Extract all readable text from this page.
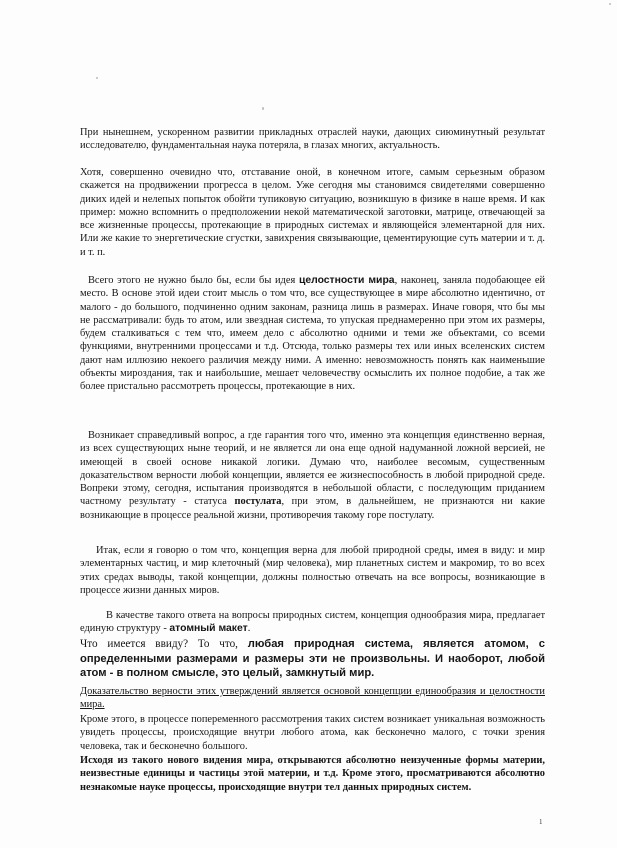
При нынешнем, ускоренном развитии прикладных отраслей науки, дающих сиюминутный результат исследователю, фундаментальная наука потеряла, в глазах многих, актуальность.

Хотя, совершенно очевидно что, отставание оной, в конечном итоге, самым серьезным образом скажется на продвижении прогресса в целом. Уже сегодня мы становимся свидетелями совершенно диких идей и нелепых попыток обойти тупиковую ситуацию, возникшую в физике в наше время. И как пример: можно вспомнить о предположении некой математической заготовки, матрице, отвечающей за все жизненные процессы, протекающие в природных системах и являющейся элементарной для них. Или же какие то энергетические сгустки, завихрения связывающие, цементирующие суть материи и т. д. и т. п.

Всего этого не нужно было бы, если бы идея целостности мира, наконец, заняла подобающее ей место. В основе этой идеи стоит мысль о том что, все существующее в мире абсолютно идентично, от малого - до большого, подчиненно одним законам, разница лишь в размерах. Иначе говоря, что бы мы не рассматривали: будь то атом, или звездная система, то упуская преднамеренно при этом их размеры, будем сталкиваться с тем что, имеем дело с абсолютно одними и теми же объектами, со всеми функциями, внутренними процессами и т.д. Отсюда, только размеры тех или иных вселенских систем дают нам иллюзию некоего различия между ними. А именно: невозможность понять как наименьшие объекты мироздания, так и наибольшие, мешает человечеству осмыслить их полное подобие, а так же более пристально рассмотреть процессы, протекающие в них.

Возникает справедливый вопрос, а где гарантия того что, именно эта концепция единственно верная, из всех существующих ныне теорий, и не является ли она еще одной надуманной ложной версией, не имеющей в своей основе никакой логики. Думаю что, наиболее весомым, существенным доказательством верности любой концепции, является ее жизнеспособность в любой природной среде. Вопреки этому, сегодня, испытания производятся в небольшой области, с последующим приданием частному результату - статуса постулата, при этом, в дальнейшем, не признаются ни какие возникающие в процессе реальной жизни, противоречия такому горе постулату.

Итак, если я говорю о том что, концепция верна для любой природной среды, имея в виду: и мир элементарных частиц, и мир клеточный (мир человека), мир планетных систем и макромир, то во всех этих средах выводы, такой концепции, должны полностью отвечать на все вопросы, возникающие в процессе жизни данных миров.

В качестве такого ответа на вопросы природных систем, концепция однообразия мира, предлагает единую структуру - атомный макет.

Что имеется ввиду? То что, любая природная система, является атомом, с определенными размерами и размеры эти не произвольны. И наоборот, любой атом - в полном смысле, это целый, замкнутый мир.

Доказательство верности этих утверждений является основой концепции единообразия и целостности мира.

Кроме этого, в процессе попеременного рассмотрения таких систем возникает уникальная возможность увидеть процессы, происходящие внутри любого атома, как бесконечно малого, с точки зрения человека, так и бесконечно большого.

Исходя из такого нового видения мира, открываются абсолютно неизученные формы материи, неизвестные единицы и частицы этой материи, и т.д. Кроме этого, просматриваются абсолютно незнакомые науке процессы, происходящие внутри тел данных природных систем.

1
